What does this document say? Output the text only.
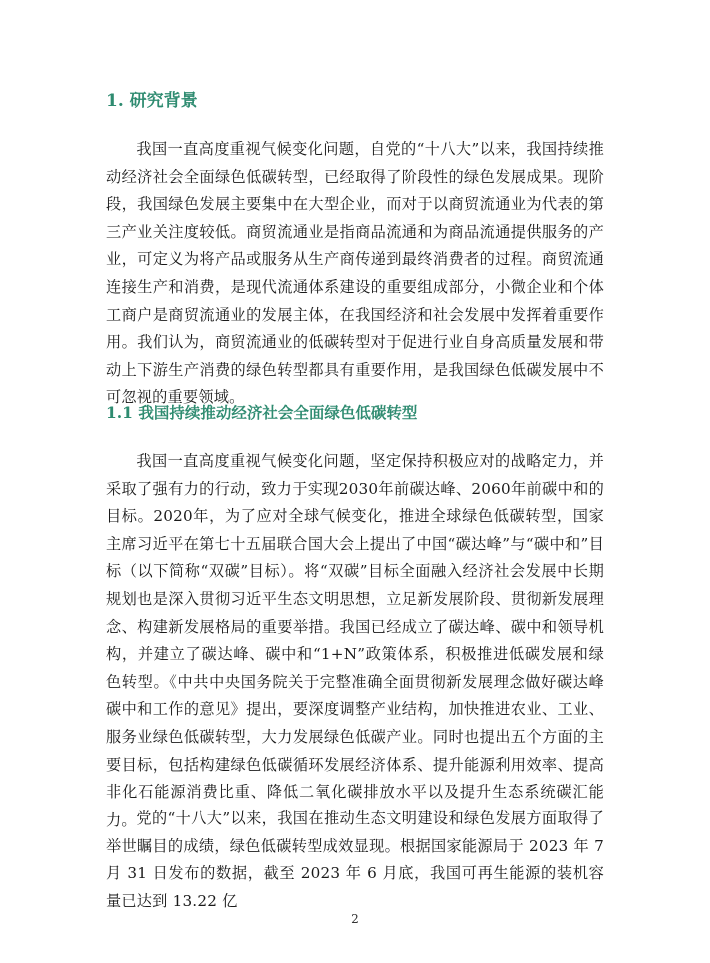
1. 研究背景

我国一直高度重视气候变化问题，自党的“十八大”以来，我国持续推动经济社会全面绿色低碳转型，已经取得了阶段性的绿色发展成果。现阶段，我国绿色发展主要集中在大型企业，而对于以商贸流通业为代表的第三产业关注度较低。商贸流通业是指商品流通和为商品流通提供服务的产业，可定义为将产品或服务从生产商传递到最终消费者的过程。商贸流通连接生产和消费，是现代流通体系建设的重要组成部分，小微企业和个体工商户是商贸流通业的发展主体，在我国经济和社会发展中发挥着重要作用。我们认为，商贸流通业的低碳转型对于促进行业自身高质量发展和带动上下游生产消费的绿色转型都具有重要作用，是我国绿色低碳发展中不可忽视的重要领域。

1.1 我国持续推动经济社会全面绿色低碳转型

我国一直高度重视气候变化问题，坚定保持积极应对的战略定力，并采取了强有力的行动，致力于实现2030年前碳达峰、2060年前碳中和的目标。2020年，为了应对全球气候变化，推进全球绿色低碳转型，国家主席习近平在第七十五届联合国大会上提出了中国“碳达峰”与“碳中和”目标（以下简称“双碳”目标）。将“双碳”目标全面融入经济社会发展中长期规划也是深入贯彻习近平生态文明思想，立足新发展阶段、贯彻新发展理念、构建新发展格局的重要举措。我国已经成立了碳达峰、碳中和领导机构，并建立了碳达峰、碳中和“1+N”政策体系，积极推进低碳发展和绿色转型。《中共中央国务院关于完整准确全面贯彻新发展理念做好碳达峰碳中和工作的意见》提出，要深度调整产业结构，加快推进农业、工业、服务业绿色低碳转型，大力发展绿色低碳产业。同时也提出五个方面的主要目标，包括构建绿色低碳循环发展经济体系、提升能源利用效率、提高非化石能源消费比重、降低二氧化碳排放水平以及提升生态系统碳汇能力。 党的“十八大”以来，我国在推动生态文明建设和绿色发展方面取得了举世瞩目的成绩，绿色低碳转型成效显现。根据国家能源局于 2023 年 7 月 31 日发布的数据，截至 2023 年 6 月底，我国可再生能源的装机容量已达到 13.22 亿

2
